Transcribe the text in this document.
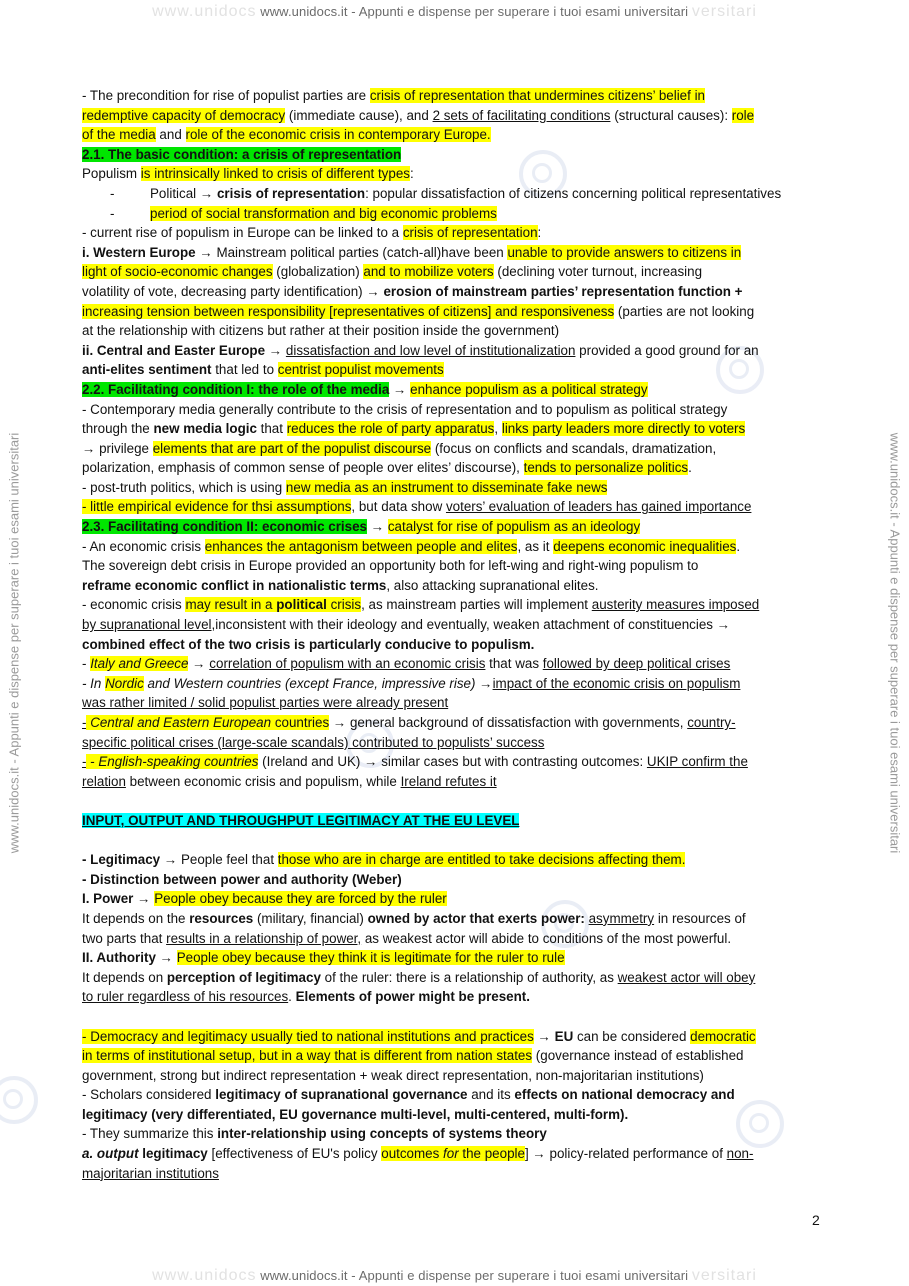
www.unidocs www.unidocs.it - Appunti e dispense per superare i tuoi esami universitari versitari
www.unidocs.it - Appunti e dispense per superare i tuoi esami universitari	www.unidocs.it - Appunti e dispense per superare i tuoi esami universitari
- The precondition for rise of populist parties are crisis of representation that undermines citizens’ belief in
redemptive capacity of democracy (immediate cause), and 2 sets of facilitating conditions (structural causes): role
of the media and role of the economic crisis in contemporary Europe.
2.1. The basic condition: a crisis of representation
Populism is intrinsically linked to crisis of different types:
-	Political → crisis of representation: popular dissatisfaction of citizens concerning political representatives
-	period of social transformation and big economic problems
- current rise of populism in Europe can be linked to a crisis of representation:
i. Western Europe → Mainstream political parties (catch-all)have been unable to provide answers to citizens in
light of socio-economic changes (globalization) and to mobilize voters (declining voter turnout, increasing
volatility of vote, decreasing party identification) → erosion of mainstream parties’ representation function +
increasing tension between responsibility [representatives of citizens] and responsiveness (parties are not looking
at the relationship with citizens but rather at their position inside the government)
ii. Central and Easter Europe → dissatisfaction and low level of institutionalization provided a good ground for an
anti-elites sentiment that led to centrist populist movements
2.2. Facilitating condition I: the role of the media → enhance populism as a political strategy
- Contemporary media generally contribute to the crisis of representation and to populism as political strategy
through the new media logic that reduces the role of party apparatus, links party leaders more directly to voters
→ privilege elements that are part of the populist discourse (focus on conflicts and scandals, dramatization,
polarization, emphasis of common sense of people over elites’ discourse), tends to personalize politics.
- post-truth politics, which is using new media as an instrument to disseminate fake news
- little empirical evidence for thsi assumptions, but data show voters’ evaluation of leaders has gained importance
2.3. Facilitating condition II: economic crises → catalyst for rise of populism as an ideology
- An economic crisis enhances the antagonism between people and elites, as it deepens economic inequalities.
The sovereign debt crisis in Europe provided an opportunity both for left-wing and right-wing populism to
reframe economic conflict in nationalistic terms, also attacking supranational elites.
- economic crisis may result in a political crisis, as mainstream parties will implement austerity measures imposed
by supranational level,inconsistent with their ideology and eventually, weaken attachment of constituencies →
combined effect of the two crisis is particularly conducive to populism.
- Italy and Greece → correlation of populism with an economic crisis that was followed by deep political crises
- In Nordic and Western countries (except France, impressive rise) →impact of the economic crisis on populism
was rather limited / solid populist parties were already present
- Central and Eastern European countries → general background of dissatisfaction with governments, country-
specific political crises (large-scale scandals) contributed to populists’ success
- - English-speaking countries (Ireland and UK) → similar cases but with contrasting outcomes: UKIP confirm the
relation between economic crisis and populism, while Ireland refutes it
INPUT, OUTPUT AND THROUGHPUT LEGITIMACY AT THE EU LEVEL
- Legitimacy → People feel that those who are in charge are entitled to take decisions affecting them.
- Distinction between power and authority (Weber)
I. Power → People obey because they are forced by the ruler
It depends on the resources (military, financial) owned by actor that exerts power: asymmetry in resources of
two parts that results in a relationship of power, as weakest actor will abide to conditions of the most powerful.
II. Authority → People obey because they think it is legitimate for the ruler to rule
It depends on perception of legitimacy of the ruler: there is a relationship of authority, as weakest actor will obey
to ruler regardless of his resources. Elements of power might be present.
- Democracy and legitimacy usually tied to national institutions and practices → EU can be considered democratic
in terms of institutional setup, but in a way that is different from nation states (governance instead of established
government, strong but indirect representation + weak direct representation, non-majoritarian institutions)
- Scholars considered legitimacy of supranational governance and its effects on national democracy and
legitimacy (very differentiated, EU governance multi-level, multi-centered, multi-form).
- They summarize this inter-relationship using concepts of systems theory
a. output legitimacy [effectiveness of EU's policy outcomes for the people] → policy-related performance of non-
majoritarian institutions
2
www.unidocs www.unidocs.it - Appunti e dispense per superare i tuoi esami universitari versitari
